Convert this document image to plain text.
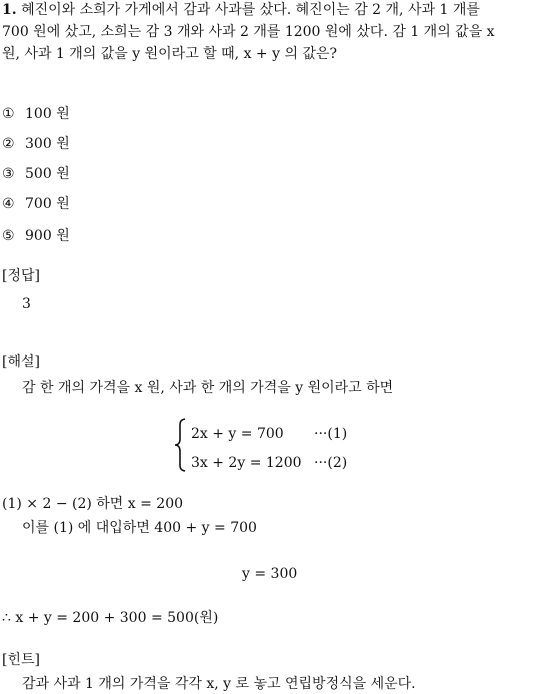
1. 혜진이와 소희가 가게에서 감과 사과를 샀다. 혜진이는 감 2 개, 사과 1 개를
700 원에 샀고, 소희는 감 3 개와 사과 2 개를 1200 원에 샀다. 감 1 개의 값을 x
원, 사과 1 개의 값을 y 원이라고 할 때, x + y 의 값은?
① 100 원
② 300 원
③ 500 원
④ 700 원
⑤ 900 원
[정답]
3
[해설]
감 한 개의 가격을 x 원, 사과 한 개의 가격을 y 원이라고 하면
2x + y = 700 ···(1)
3x + 2y = 1200 ···(2)
(1) × 2 − (2) 하면 x = 200
이를 (1) 에 대입하면 400 + y = 700
y = 300
∴ x + y = 200 + 300 = 500(원)
[힌트]
감과 사과 1 개의 가격을 각각 x, y 로 놓고 연립방정식을 세운다.
